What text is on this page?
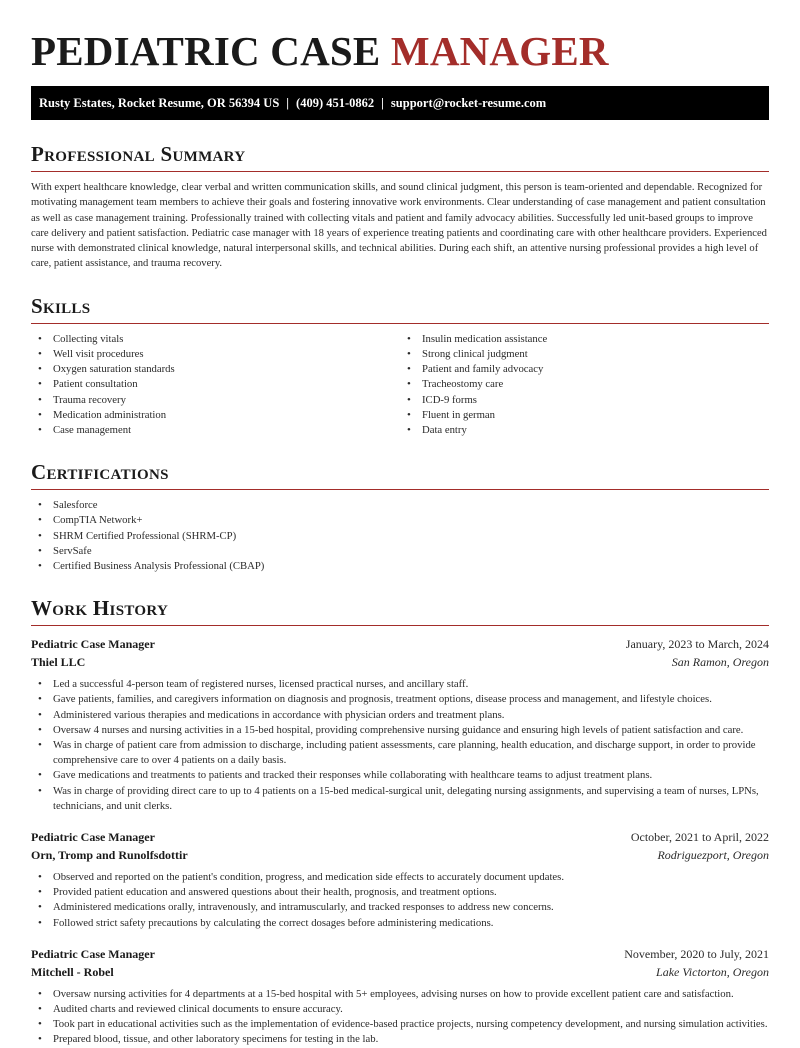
PEDIATRIC CASE MANAGER
Rusty Estates, Rocket Resume, OR 56394 US | (409) 451-0862 | support@rocket-resume.com
Professional Summary

With expert healthcare knowledge, clear verbal and written communication skills, and sound clinical judgment, this person is team-oriented and dependable. Recognized for motivating management team members to achieve their goals and fostering innovative work environments. Clear understanding of case management and patient consultation as well as case management training. Professionally trained with collecting vitals and patient and family advocacy abilities. Successfully led unit-based groups to improve care delivery and patient satisfaction. Pediatric case manager with 18 years of experience treating patients and coordinating care with other healthcare providers. Experienced nurse with demonstrated clinical knowledge, natural interpersonal skills, and technical abilities. During each shift, an attentive nursing professional provides a high level of care, patient assistance, and trauma recovery.

Skills
• Collecting vitals
• Well visit procedures
• Oxygen saturation standards
• Patient consultation
• Trauma recovery
• Medication administration
• Case management
• Insulin medication assistance
• Strong clinical judgment
• Patient and family advocacy
• Tracheostomy care
• ICD-9 forms
• Fluent in german
• Data entry
Certifications
• Salesforce
• CompTIA Network+
• SHRM Certified Professional (SHRM-CP)
• ServSafe
• Certified Business Analysis Professional (CBAP)
Work History
Pediatric Case Manager	January, 2023 to March, 2024
Thiel LLC	San Ramon, Oregon
• Led a successful 4-person team of registered nurses, licensed practical nurses, and ancillary staff.
• Gave patients, families, and caregivers information on diagnosis and prognosis, treatment options, disease process and management, and lifestyle choices.
• Administered various therapies and medications in accordance with physician orders and treatment plans.
• Oversaw 4 nurses and nursing activities in a 15-bed hospital, providing comprehensive nursing guidance and ensuring high levels of patient satisfaction and care.
• Was in charge of patient care from admission to discharge, including patient assessments, care planning, health education, and discharge support, in order to provide comprehensive care to over 4 patients on a daily basis.
• Gave medications and treatments to patients and tracked their responses while collaborating with healthcare teams to adjust treatment plans.
• Was in charge of providing direct care to up to 4 patients on a 15-bed medical-surgical unit, delegating nursing assignments, and supervising a team of nurses, LPNs, technicians, and unit clerks.
Pediatric Case Manager	October, 2021 to April, 2022
Orn, Tromp and Runolfsdottir	Rodriguezport, Oregon
• Observed and reported on the patient's condition, progress, and medication side effects to accurately document updates.
• Provided patient education and answered questions about their health, prognosis, and treatment options.
• Administered medications orally, intravenously, and intramuscularly, and tracked responses to address new concerns.
• Followed strict safety precautions by calculating the correct dosages before administering medications.
Pediatric Case Manager	November, 2020 to July, 2021
Mitchell - Robel	Lake Victorton, Oregon
• Oversaw nursing activities for 4 departments at a 15-bed hospital with 5+ employees, advising nurses on how to provide excellent patient care and satisfaction.
• Audited charts and reviewed clinical documents to ensure accuracy.
• Took part in educational activities such as the implementation of evidence-based practice projects, nursing competency development, and nursing simulation activities.
• Prepared blood, tissue, and other laboratory specimens for testing in the lab.
